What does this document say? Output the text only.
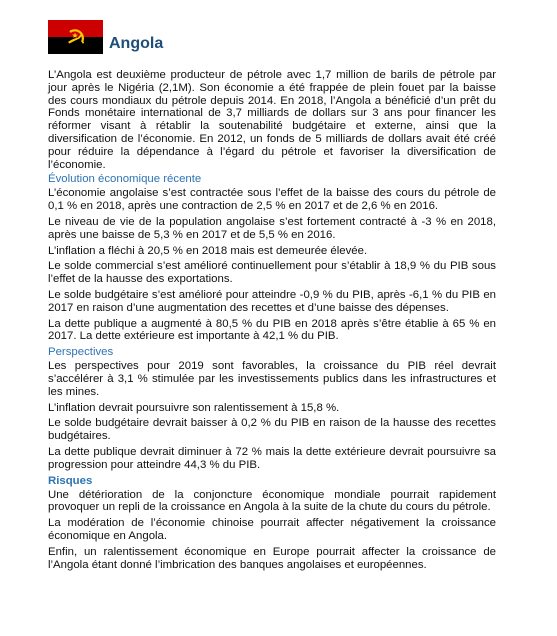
Angola

L’Angola est deuxième producteur de pétrole avec 1,7 million de barils de pétrole par jour après le Nigéria (2,1M). Son économie a été frappée de plein fouet par la baisse des cours mondiaux du pétrole depuis 2014. En 2018, l’Angola a bénéficié d’un prêt du Fonds monétaire international de 3,7 milliards de dollars sur 3 ans pour financer les réformer visant à rétablir la soutenabilité budgétaire et externe, ainsi que la diversification de l’économie. En 2012, un fonds de 5 milliards de dollars avait été créé pour réduire la dépendance à l’égard du pétrole et favoriser la diversification de l’économie.

Évolution économique récente

L’économie angolaise s’est contractée sous l’effet de la baisse des cours du pétrole de 0,1 % en 2018, après une contraction de 2,5 % en 2017 et de 2,6 % en 2016.

Le niveau de vie de la population angolaise s’est fortement contracté à -3 % en 2018, après une baisse de 5,3 % en 2017 et de 5,5 % en 2016.

L’inflation a fléchi à 20,5 % en 2018 mais est demeurée élevée.

Le solde commercial s’est amélioré continuellement pour s’établir à 18,9 % du PIB sous l’effet de la hausse des exportations.

Le solde budgétaire s’est amélioré pour atteindre -0,9 % du PIB, après -6,1 % du PIB en 2017 en raison d’une augmentation des recettes et d’une baisse des dépenses.

La dette publique a augmenté à 80,5 % du PIB en 2018 après s’être établie à 65 % en 2017. La dette extérieure est importante à 42,1 % du PIB.

Perspectives

Les perspectives pour 2019 sont favorables, la croissance du PIB réel devrait s’accélérer à 3,1 % stimulée par les investissements publics dans les infrastructures et les mines.

L’inflation devrait poursuivre son ralentissement à 15,8 %.

Le solde budgétaire devrait baisser à 0,2 % du PIB en raison de la hausse des recettes budgétaires.

La dette publique devrait diminuer à 72 % mais la dette extérieure devrait poursuivre sa progression pour atteindre 44,3 % du PIB.

Risques

Une détérioration de la conjoncture économique mondiale pourrait rapidement provoquer un repli de la croissance en Angola à la suite de la chute du cours du pétrole.

La modération de l’économie chinoise pourrait affecter négativement la croissance économique en Angola.

Enfin, un ralentissement économique en Europe pourrait affecter la croissance de l’Angola étant donné l’imbrication des banques angolaises et européennes.
